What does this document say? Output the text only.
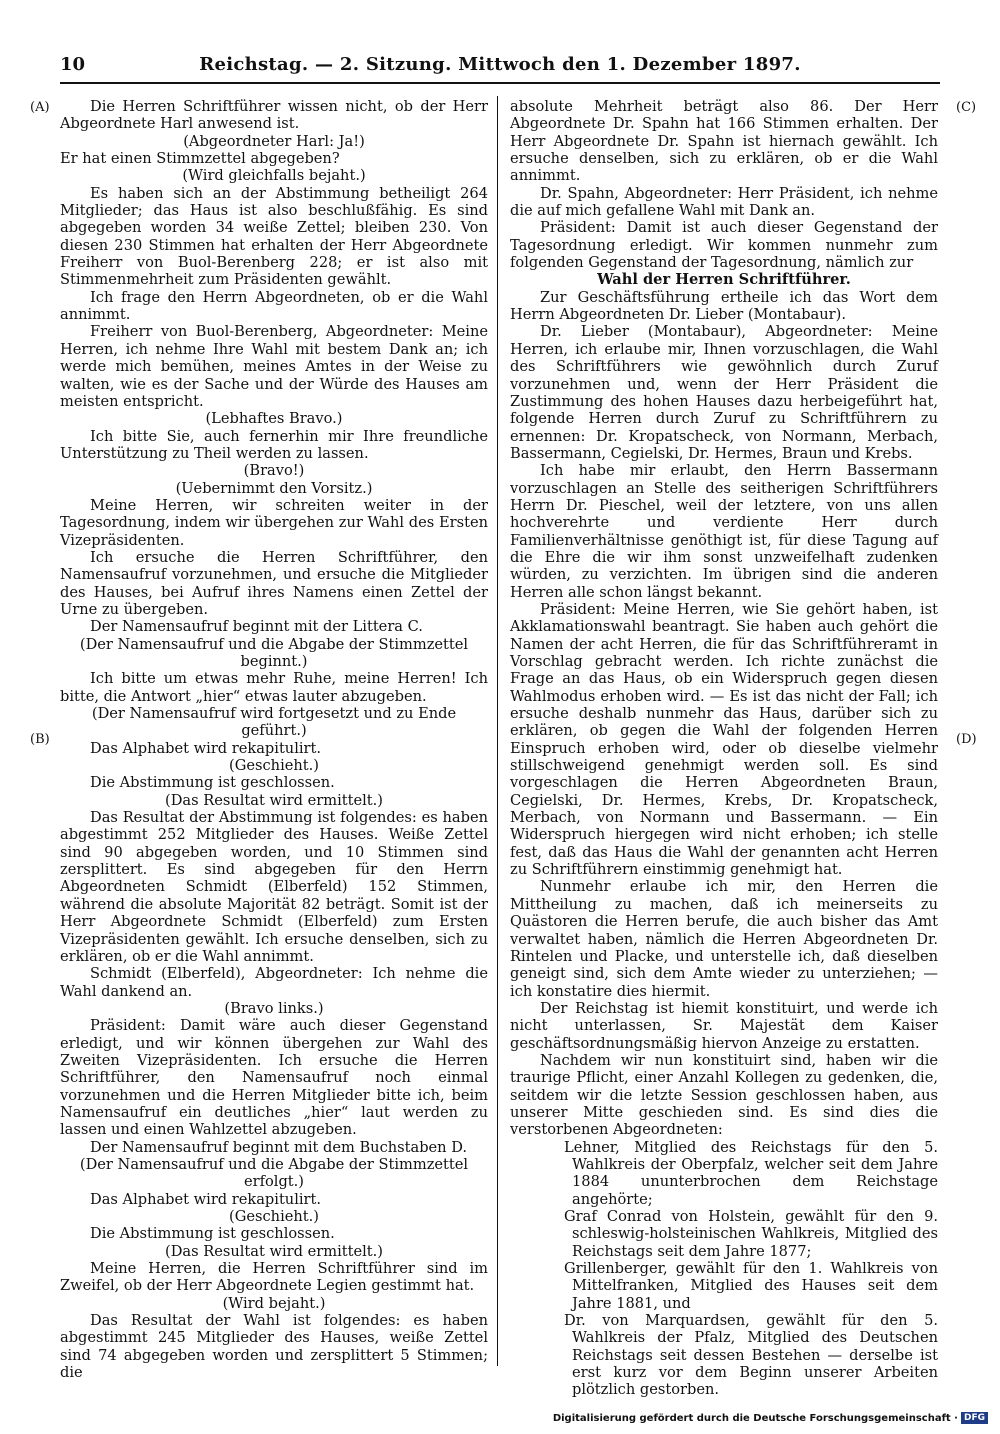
10	Reichstag. — 2. Sitzung. Mittwoch den 1. Dezember 1897.
(A)
(B)
(C)
(D)

Die Herren Schriftführer wissen nicht, ob der Herr Abgeordnete Harl anwesend ist.

(Abgeordneter Harl: Ja!)

Er hat einen Stimmzettel abgegeben?

(Wird gleichfalls bejaht.)

Es haben sich an der Abstimmung betheiligt 264 Mitglieder; das Haus ist also beschlußfähig. Es sind abgegeben worden 34 weiße Zettel; bleiben 230. Von diesen 230 Stimmen hat erhalten der Herr Abgeordnete Freiherr von Buol-Berenberg 228; er ist also mit Stimmenmehrheit zum Präsidenten gewählt.

Ich frage den Herrn Abgeordneten, ob er die Wahl annimmt.

Freiherr von Buol-Berenberg, Abgeordneter: Meine Herren, ich nehme Ihre Wahl mit bestem Dank an; ich werde mich bemühen, meines Amtes in der Weise zu walten, wie es der Sache und der Würde des Hauses am meisten entspricht.

(Lebhaftes Bravo.)

Ich bitte Sie, auch fernerhin mir Ihre freundliche Unterstützung zu Theil werden zu lassen.

(Bravo!)

(Uebernimmt den Vorsitz.)

Meine Herren, wir schreiten weiter in der Tagesordnung, indem wir übergehen zur Wahl des Ersten Vizepräsidenten.

Ich ersuche die Herren Schriftführer, den Namensaufruf vorzunehmen, und ersuche die Mitglieder des Hauses, bei Aufruf ihres Namens einen Zettel der Urne zu übergeben.

Der Namensaufruf beginnt mit der Littera C.

(Der Namensaufruf und die Abgabe der Stimmzettel beginnt.)

Ich bitte um etwas mehr Ruhe, meine Herren! Ich bitte, die Antwort „hier“ etwas lauter abzugeben.

(Der Namensaufruf wird fortgesetzt und zu Ende geführt.)

Das Alphabet wird rekapitulirt.

(Geschieht.)

Die Abstimmung ist geschlossen.

(Das Resultat wird ermittelt.)

Das Resultat der Abstimmung ist folgendes: es haben abgestimmt 252 Mitglieder des Hauses. Weiße Zettel sind 90 abgegeben worden, und 10 Stimmen sind zersplittert. Es sind abgegeben für den Herrn Abgeordneten Schmidt (Elberfeld) 152 Stimmen, während die absolute Majorität 82 beträgt. Somit ist der Herr Abgeordnete Schmidt (Elberfeld) zum Ersten Vizepräsidenten gewählt. Ich ersuche denselben, sich zu erklären, ob er die Wahl annimmt.

Schmidt (Elberfeld), Abgeordneter: Ich nehme die Wahl dankend an.

(Bravo links.)

Präsident: Damit wäre auch dieser Gegenstand erledigt, und wir können übergehen zur Wahl des Zweiten Vizepräsidenten. Ich ersuche die Herren Schriftführer, den Namensaufruf noch einmal vorzunehmen und die Herren Mitglieder bitte ich, beim Namensaufruf ein deutliches „hier“ laut werden zu lassen und einen Wahlzettel abzugeben.

Der Namensaufruf beginnt mit dem Buchstaben D.

(Der Namensaufruf und die Abgabe der Stimmzettel erfolgt.)

Das Alphabet wird rekapitulirt.

(Geschieht.)

Die Abstimmung ist geschlossen.

(Das Resultat wird ermittelt.)

Meine Herren, die Herren Schriftführer sind im Zweifel, ob der Herr Abgeordnete Legien gestimmt hat.

(Wird bejaht.)

Das Resultat der Wahl ist folgendes: es haben abgestimmt 245 Mitglieder des Hauses, weiße Zettel sind 74 abgegeben worden und zersplittert 5 Stimmen; die

absolute Mehrheit beträgt also 86. Der Herr Abgeordnete Dr. Spahn hat 166 Stimmen erhalten. Der Herr Abgeordnete Dr. Spahn ist hiernach gewählt. Ich ersuche denselben, sich zu erklären, ob er die Wahl annimmt.

Dr. Spahn, Abgeordneter: Herr Präsident, ich nehme die auf mich gefallene Wahl mit Dank an.

Präsident: Damit ist auch dieser Gegenstand der Tagesordnung erledigt. Wir kommen nunmehr zum folgenden Gegenstand der Tagesordnung, nämlich zur

Wahl der Herren Schriftführer.

Zur Geschäftsführung ertheile ich das Wort dem Herrn Abgeordneten Dr. Lieber (Montabaur).

Dr. Lieber (Montabaur), Abgeordneter: Meine Herren, ich erlaube mir, Ihnen vorzuschlagen, die Wahl des Schriftführers wie gewöhnlich durch Zuruf vorzunehmen und, wenn der Herr Präsident die Zustimmung des hohen Hauses dazu herbeigeführt hat, folgende Herren durch Zuruf zu Schriftführern zu ernennen: Dr. Kropatscheck, von Normann, Merbach, Bassermann, Cegielski, Dr. Hermes, Braun und Krebs.

Ich habe mir erlaubt, den Herrn Bassermann vorzuschlagen an Stelle des seitherigen Schriftführers Herrn Dr. Pieschel, weil der letztere, von uns allen hochverehrte und verdiente Herr durch Familienverhältnisse genöthigt ist, für diese Tagung auf die Ehre die wir ihm sonst unzweifelhaft zudenken würden, zu verzichten. Im übrigen sind die anderen Herren alle schon längst bekannt.

Präsident: Meine Herren, wie Sie gehört haben, ist Akklamationswahl beantragt. Sie haben auch gehört die Namen der acht Herren, die für das Schriftführeramt in Vorschlag gebracht werden. Ich richte zunächst die Frage an das Haus, ob ein Widerspruch gegen diesen Wahlmodus erhoben wird. — Es ist das nicht der Fall; ich ersuche deshalb nunmehr das Haus, darüber sich zu erklären, ob gegen die Wahl der folgenden Herren Einspruch erhoben wird, oder ob dieselbe vielmehr stillschweigend genehmigt werden soll. Es sind vorgeschlagen die Herren Abgeordneten Braun, Cegielski, Dr. Hermes, Krebs, Dr. Kropatscheck, Merbach, von Normann und Bassermann. — Ein Widerspruch hiergegen wird nicht erhoben; ich stelle fest, daß das Haus die Wahl der genannten acht Herren zu Schriftführern einstimmig genehmigt hat.

Nunmehr erlaube ich mir, den Herren die Mittheilung zu machen, daß ich meinerseits zu Quästoren die Herren berufe, die auch bisher das Amt verwaltet haben, nämlich die Herren Abgeordneten Dr. Rintelen und Placke, und unterstelle ich, daß dieselben geneigt sind, sich dem Amte wieder zu unterziehen; — ich konstatire dies hiermit.

Der Reichstag ist hiemit konstituirt, und werde ich nicht unterlassen, Sr. Majestät dem Kaiser geschäftsordnungsmäßig hiervon Anzeige zu erstatten.

Nachdem wir nun konstituirt sind, haben wir die traurige Pflicht, einer Anzahl Kollegen zu gedenken, die, seitdem wir die letzte Session geschlossen haben, aus unserer Mitte geschieden sind. Es sind dies die verstorbenen Abgeordneten:

Lehner, Mitglied des Reichstags für den 5. Wahlkreis der Oberpfalz, welcher seit dem Jahre 1884 ununterbrochen dem Reichstage angehörte;

Graf Conrad von Holstein, gewählt für den 9. schleswig-holsteinischen Wahlkreis, Mitglied des Reichstags seit dem Jahre 1877;

Grillenberger, gewählt für den 1. Wahlkreis von Mittelfranken, Mitglied des Hauses seit dem Jahre 1881, und

Dr. von Marquardsen, gewählt für den 5. Wahlkreis der Pfalz, Mitglied des Deutschen Reichstags seit dessen Bestehen — derselbe ist erst kurz vor dem Beginn unserer Arbeiten plötzlich gestorben.

Digitalisierung gefördert durch die Deutsche Forschungsgemeinschaft · DFG
